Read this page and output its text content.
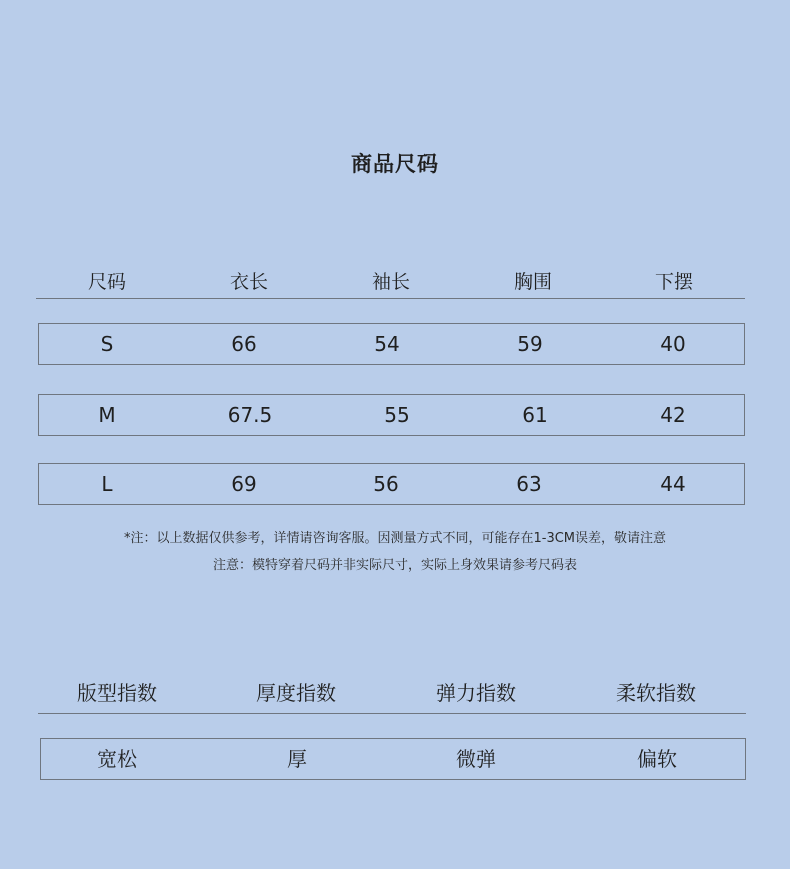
商品尺码
尺码	衣长	袖长	胸围	下摆
S	66	54	59	40
M	67.5	55	61	42
L	69	56	63	44
*注：以上数据仅供参考，详情请咨询客服。因测量方式不同，可能存在1-3CM误差，敬请注意
注意：模特穿着尺码并非实际尺寸，实际上身效果请参考尺码表
版型指数	厚度指数	弹力指数	柔软指数
宽松	厚	微弹	偏软
